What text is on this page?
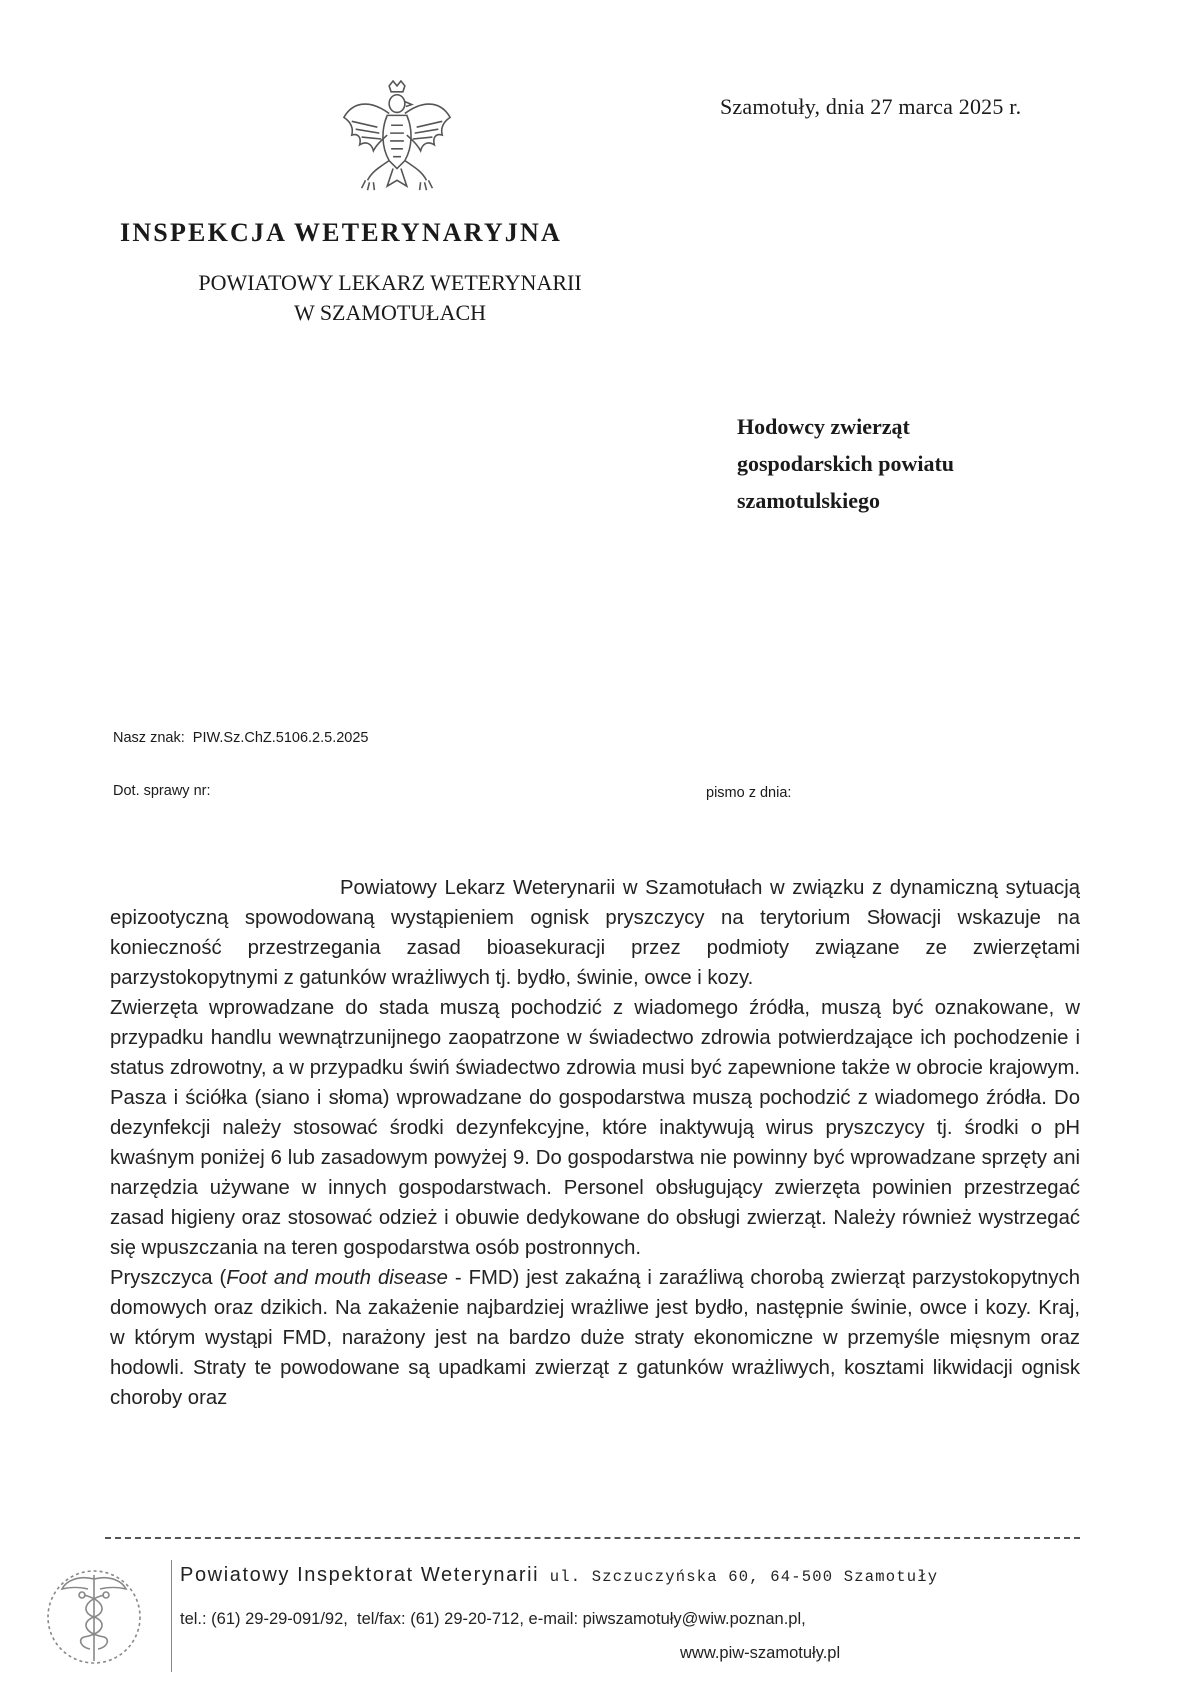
Szamotuły, dnia 27 marca 2025 r.
INSPEKCJA WETERYNARYJNA
POWIATOWY LEKARZ WETERYNARII
W SZAMOTUŁACH
Hodowcy zwierząt
gospodarskich powiatu
szamotulskiego
Nasz znak:  PIW.Sz.ChZ.5106.2.5.2025
Dot. sprawy nr:	pismo z dnia:

Powiatowy Lekarz Weterynarii w Szamotułach w związku z dynamiczną sytuacją epizootyczną spowodowaną wystąpieniem ognisk pryszczycy na terytorium Słowacji wskazuje na konieczność przestrzegania zasad bioasekuracji przez podmioty związane ze zwierzętami parzystokopytnymi z gatunków wrażliwych tj. bydło, świnie, owce i kozy.

Zwierzęta wprowadzane do stada muszą pochodzić z wiadomego źródła, muszą być oznakowane, w przypadku handlu wewnątrzunijnego zaopatrzone w świadectwo zdrowia potwierdzające ich pochodzenie i status zdrowotny, a w przypadku świń świadectwo zdrowia musi być zapewnione także w obrocie krajowym. Pasza i ściółka (siano i słoma) wprowadzane do gospodarstwa muszą pochodzić z wiadomego źródła. Do dezynfekcji należy stosować środki dezynfekcyjne, które inaktywują wirus pryszczycy tj. środki o pH kwaśnym poniżej 6 lub zasadowym powyżej 9. Do gospodarstwa nie powinny być wprowadzane sprzęty ani narzędzia używane w innych gospodarstwach. Personel obsługujący zwierzęta powinien przestrzegać zasad higieny oraz stosować odzież i obuwie dedykowane do obsługi zwierząt. Należy również wystrzegać się wpuszczania na teren gospodarstwa osób postronnych.

Pryszczyca (Foot and mouth disease - FMD) jest zakaźną i zaraźliwą chorobą zwierząt parzystokopytnych domowych oraz dzikich. Na zakażenie najbardziej wrażliwe jest bydło, następnie świnie, owce i kozy. Kraj, w którym wystąpi FMD, narażony jest na bardzo duże straty ekonomiczne w przemyśle mięsnym oraz hodowli. Straty te powodowane są upadkami zwierząt z gatunków wrażliwych, kosztami likwidacji ognisk choroby oraz

Powiatowy Inspektorat Weterynarii ul. Szczuczyńska 60, 64-500 Szamotuły
tel.: (61) 29-29-091/92,  tel/fax: (61) 29-20-712, e-mail: piwszamotuły@wiw.poznan.pl,
www.piw-szamotuły.pl
